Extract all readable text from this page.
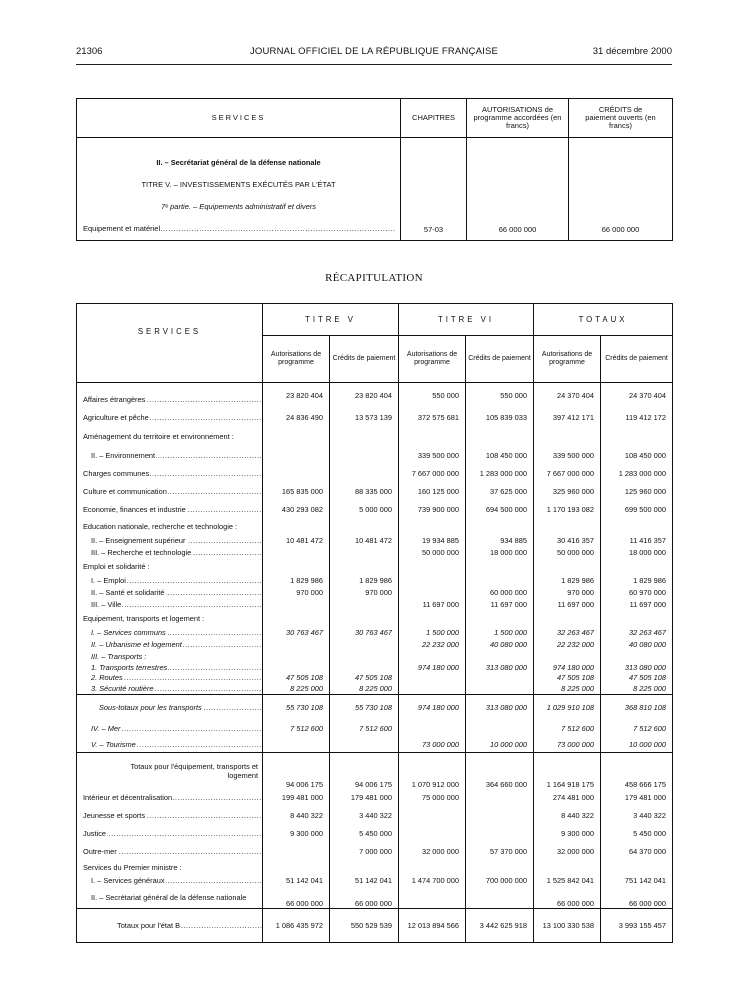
21306	JOURNAL OFFICIEL DE LA RÉPUBLIQUE FRANÇAISE	31 décembre 2000
SERVICES	CHAPITRES	AUTORISATIONS de programme accordées (en francs)	CRÉDITS de paiement ouverts (en francs)

II. – Secrétariat général de la défense nationale
TITRE V. – INVESTISSEMENTS EXÉCUTÉS PAR L'ÉTAT
7ᵉ partie. – Equipements administratif et divers
Equipement et matériel .....	57-03	66 000 000	66 000 000
RÉCAPITULATION
SERVICES	TITRE V		TITRE VI		TOTAUX	
	Autorisations de programme	Crédits de paiement	Autorisations de programme	Crédits de paiement	Autorisations de programme	Crédits de paiement

Affaires étrangères .....	23 820 404	23 820 404	550 000	550 000	24 370 404	24 370 404

Agriculture et pêche .....	24 836 490	13 573 139	372 575 681	105 839 033	397 412 171	119 412 172
Aménagement du territoire et environnement :						

II. – Environnement .....			339 500 000	108 450 000	339 500 000	108 450 000

Charges communes .....			7 667 000 000	1 283 000 000	7 667 000 000	1 283 000 000

Culture et communication .....	165 835 000	88 335 000	160 125 000	37 625 000	325 960 000	125 960 000

Economie, finances et industrie .....	430 293 082	5 000 000	739 900 000	694 500 000	1 170 193 082	699 500 000
Education nationale, recherche et technologie :						

II. – Enseignement supérieur .....	10 481 472	10 481 472	19 934 885	934 885	30 416 357	11 416 357

III. – Recherche et technologie .....			50 000 000	18 000 000	50 000 000	18 000 000
Emploi et solidarité :						

I. – Emploi .....	1 829 986	1 829 986			1 829 986	1 829 986

II. – Santé et solidarité .....	970 000	970 000		60 000 000	970 000	60 970 000

III. – Ville .....			11 697 000	11 697 000	11 697 000	11 697 000
Equipement, transports et logement :						

I. – Services communs .....	30 763 467	30 763 467	1 500 000	1 500 000	32 263 467	32 263 467

II. – Urbanisme et logement .....			22 232 000	40 080 000	22 232 000	40 080 000
III. – Transports :						

1. Transports terrestres .....			974 180 000	313 080 000	974 180 000	313 080 000

2. Routes .....	47 505 108	47 505 108			47 505 108	47 505 108

3. Sécurité routière .....	8 225 000	8 225 000			8 225 000	8 225 000

Sous-totaux pour les transports .....	55 730 108	55 730 108	974 180 000	313 080 000	1 029 910 108	368 810 108

IV. – Mer .....	7 512 600	7 512 600			7 512 600	7 512 600

V. – Tourisme .....			73 000 000	10 000 000	73 000 000	10 000 000
Totaux pour l'équipement, transports et logement	94 006 175	94 006 175	1 070 912 000	364 660 000	1 164 918 175	458 666 175

Intérieur et décentralisation .....	199 481 000	179 481 000	75 000 000		274 481 000	179 481 000

Jeunesse et sports .....	8 440 322	3 440 322			8 440 322	3 440 322

Justice .....	9 300 000	5 450 000			9 300 000	5 450 000

Outre-mer .....		7 000 000	32 000 000	57 370 000	32 000 000	64 370 000
Services du Premier ministre :						

I. – Services généraux .....	51 142 041	51 142 041	1 474 700 000	700 000 000	1 525 842 041	751 142 041
II. – Secrétariat général de la défense nationale	66 000 000	66 000 000			66 000 000	66 000 000

Totaux pour l'état B .....	1 086 435 972	550 529 539	12 013 894 566	3 442 625 918	13 100 330 538	3 993 155 457
